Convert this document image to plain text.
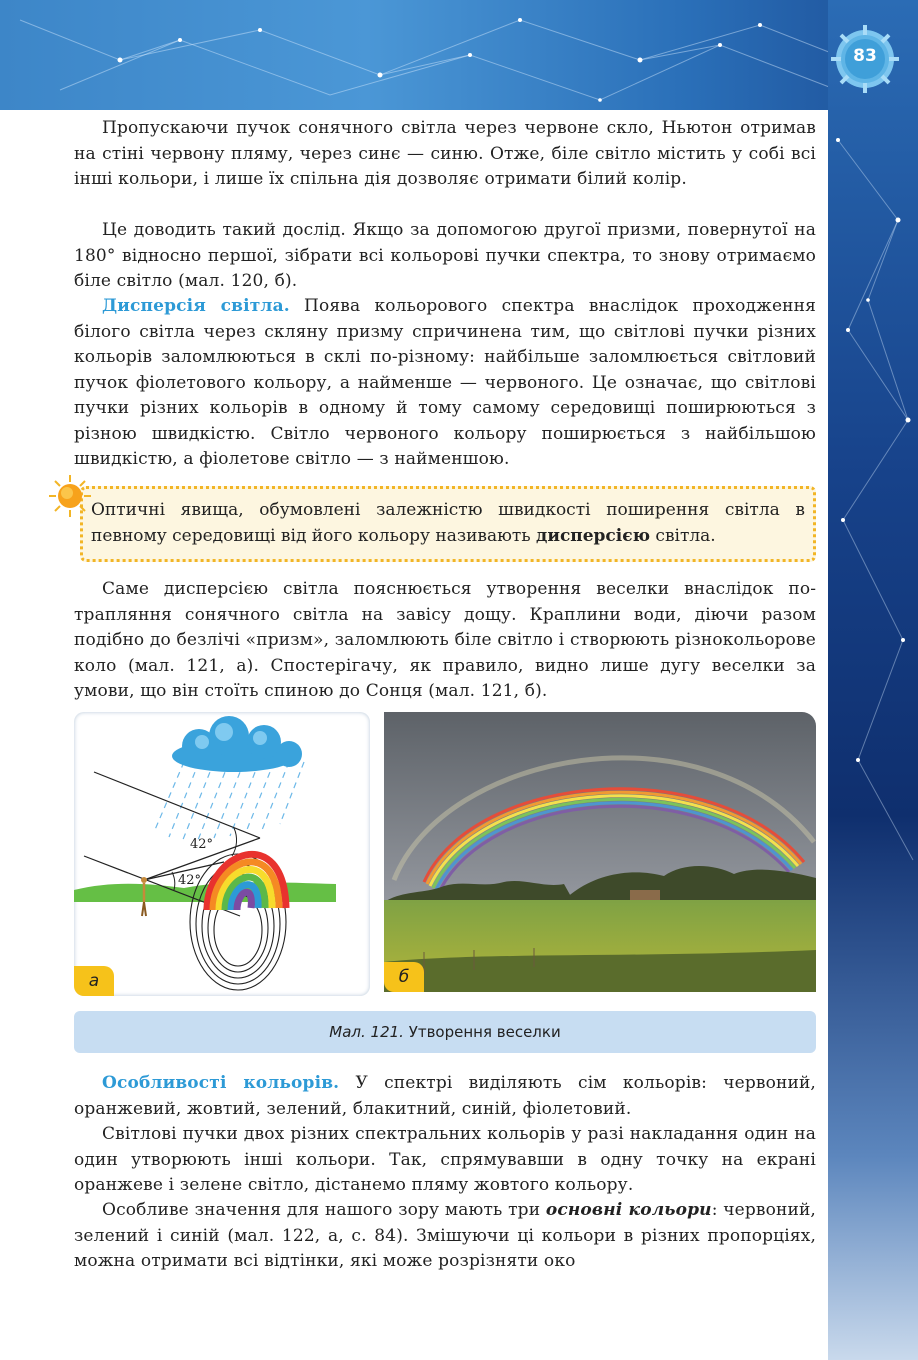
83

Пропускаючи пучок сонячного світла через червоне скло, Ньютон отримав на стіні червону пляму, через синє — синю. Отже, біле світло містить у собі всі інші кольори, і лише їх спільна дія дозволяє отримати білий колір.

Це доводить такий дослід. Якщо за допомогою другої призми, повернутої на 180° відносно першої, зібрати всі кольорові пучки спектра, то знову отримаємо біле світло (мал. 120, б).

Дисперсія світла. Поява кольорового спектра внаслідок проходження білого світла через скляну призму спричинена тим, що світлові пучки різних кольорів заломлюються в склі по-різному: найбільше заломлюється світловий пучок фіолетового кольору, а найменше — червоного. Це означає, що світлові пучки різних кольорів в одному й тому самому середовищі поширюються з різною швидкістю. Світло червоного кольору поширюється з найбільшою швидкістю, а фіолетове світло — з найменшою.

Оптичні явища, обумовлені залежністю швидкості поширення світла в певному середовищі від його кольору називають дисперсією світла.

Саме дисперсією світла пояснюється утворення веселки внаслідок потрапляння сонячного світла на завісу дощу. Краплини води, діючи разом подібно до безлічі «призм», заломлюють біле світло і створюють різнокольорове коло (мал. 121, а). Спостерігачу, як правило, видно лише дугу веселки за умови, що він стоїть спиною до Сонця (мал. 121, б).

Особливості кольорів. У спектрі виділяють сім кольорів: червоний, оранжевий, жовтий, зелений, блакитний, синій, фіолетовий.

Світлові пучки двох різних спектральних кольорів у разі накладання один на один утворюють інші кольори. Так, спрямувавши в одну точку на екрані оранжеве і зелене світло, дістанемо пляму жовтого кольору.

Особливе значення для нашого зору мають три основні кольори: червоний, зелений і синій (мал. 122, а, с. 84). Змішуючи ці кольори в різних пропорціях, можна отримати всі відтінки, які може розрізняти око

42°
42°
а	б
Мал. 121. Утворення веселки
